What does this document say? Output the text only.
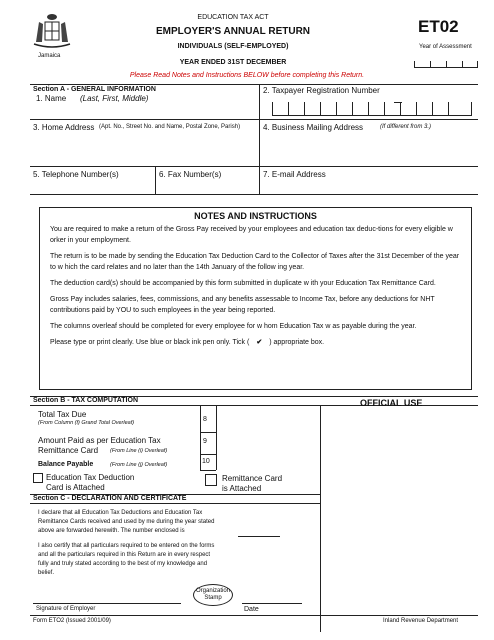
Jamaica
EDUCATION TAX ACT
EMPLOYER'S ANNUAL RETURN
INDIVIDUALS (SELF-EMPLOYED)
YEAR ENDED 31ST DECEMBER
ET02
Year of Assessment
Please Read Notes and Instructions BELOW before completing this Return.
Section A - GENERAL INFORMATION
1. Name (Last, First, Middle)
2. Taxpayer Registration Number
3. Home Address (Apt. No., Street No. and Name, Postal Zone, Parish)	4. Business Mailing Address	(If different from 3.)
5. Telephone Number(s)	6. Fax Number(s)	7. E-mail Address
NOTES AND INSTRUCTIONS

You are required to make a return of the Gross Pay received by your employees and education tax deduc-tions for every eligible w orker in your employment.

The return is to be made by sending the Education Tax Deduction Card to the Collector of Taxes after the 31st December of the year to w hich the card relates and no later than the 14th January of the follow ing year.

The deduction card(s) should be accompanied by this form submitted in duplicate w ith your Education Tax Remittance Card.

Gross Pay includes salaries, fees, commissions, and any benefits assessable to Income Tax, before any deductions for NHT contributions paid by YOU to such employees in the year being reported.

The columns overleaf should be completed for every employee for w hom Education Tax w as payable during the year.

Please type or print clearly. Use blue or black ink pen only. Tick ( ✔ ) appropriate box.

Section B - TAX COMPUTATION	OFFICIAL USE
Total Tax Due
(From Column (f) Grand Total Overleaf)	8
Amount Paid as per Education Tax
Remittance Card (From Line (i) Overleaf)
9
Balance Payable	(From Line (j) Overleaf)	10
Education Tax Deduction
Card is Attached
Remittance Card
is Attached
Section C - DECLARATION AND CERTIFICATE
I declare that all Education Tax Deductions and Education Tax
Remittance Cards received and used by me during the year stated
above are forwarded herewith. The number enclosed is
I also certify that all particulars required to be entered on the forms
and all the particulars required in this Return are in every respect
fully and truly stated according to the best of my knowledge and
belief.
Organization Stamp
Signature of Employer	Date
Form ETO2 (Issued 2001/09)	Inland Revenue Department
